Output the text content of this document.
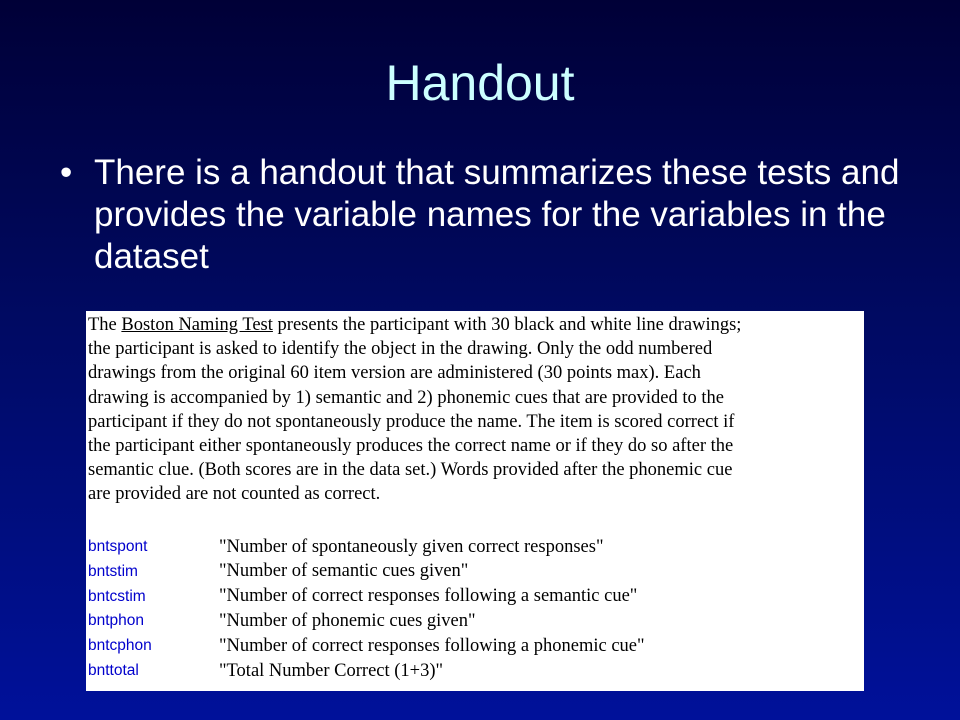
Handout
• There is a handout that summarizes these tests and provides the variable names for the variables in the dataset

The Boston Naming Test presents the participant with 30 black and white line drawings;
the participant is asked to identify the object in the drawing. Only the odd numbered
drawings from the original 60 item version are administered (30 points max). Each
drawing is accompanied by 1) semantic and 2) phonemic cues that are provided to the
participant if they do not spontaneously produce the name. The item is scored correct if
the participant either spontaneously produces the correct name or if they do so after the
semantic clue. (Both scores are in the data set.) Words provided after the phonemic cue
are provided are not counted as correct.

bntspont	"Number of spontaneously given correct responses"
bntstim	"Number of semantic cues given"
bntcstim	"Number of correct responses following a semantic cue"
bntphon	"Number of phonemic cues given"
bntcphon	"Number of correct responses following a phonemic cue"
bnttotal	"Total Number Correct (1+3)"
